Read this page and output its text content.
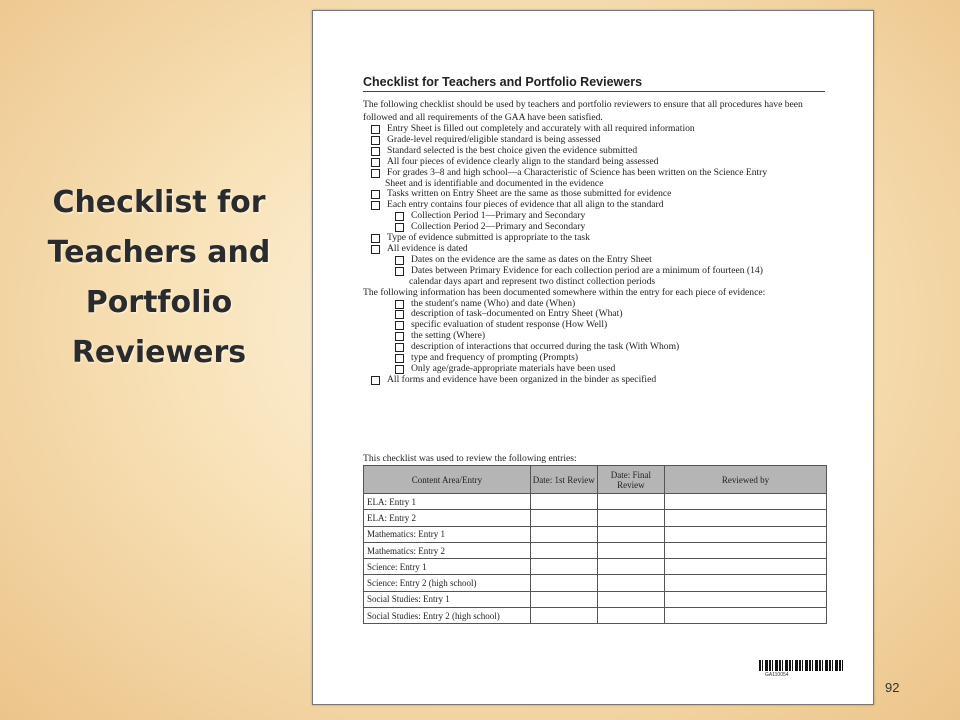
Checklist for
Teachers and
Portfolio
Reviewers
Checklist for Teachers and Portfolio Reviewers
The following checklist should be used by teachers and portfolio reviewers to ensure that all procedures have been followed and all requirements of the GAA have been satisfied.
Entry Sheet is filled out completely and accurately with all required information
Grade-level required/eligible standard is being assessed
Standard selected is the best choice given the evidence submitted
All four pieces of evidence clearly align to the standard being assessed
For grades 3–8 and high school—a Characteristic of Science has been written on the Science Entry
Sheet and is identifiable and documented in the evidence
Tasks written on Entry Sheet are the same as those submitted for evidence
Each entry contains four pieces of evidence that all align to the standard
Collection Period 1—Primary and Secondary
Collection Period 2—Primary and Secondary
Type of evidence submitted is appropriate to the task
All evidence is dated
Dates on the evidence are the same as dates on the Entry Sheet
Dates between Primary Evidence for each collection period are a minimum of fourteen (14)
calendar days apart and represent two distinct collection periods
The following information has been documented somewhere within the entry for each piece of evidence:
the student's name (Who) and date (When)
description of task–documented on Entry Sheet (What)
specific evaluation of student response (How Well)
the setting (Where)
description of interactions that occurred during the task (With Whom)
type and frequency of prompting (Prompts)
Only age/grade-appropriate materials have been used
All forms and evidence have been organized in the binder as specified
This checklist was used to review the following entries:
Content Area/Entry	Date: 1st Review	Date: Final Review	Reviewed by
ELA: Entry 1			
ELA: Entry 2			
Mathematics: Entry 1			
Mathematics: Entry 2			
Science: Entry 1			
Science: Entry 2 (high school)			
Social Studies: Entry 1			
Social Studies: Entry 2 (high school)			
GA110054
92
